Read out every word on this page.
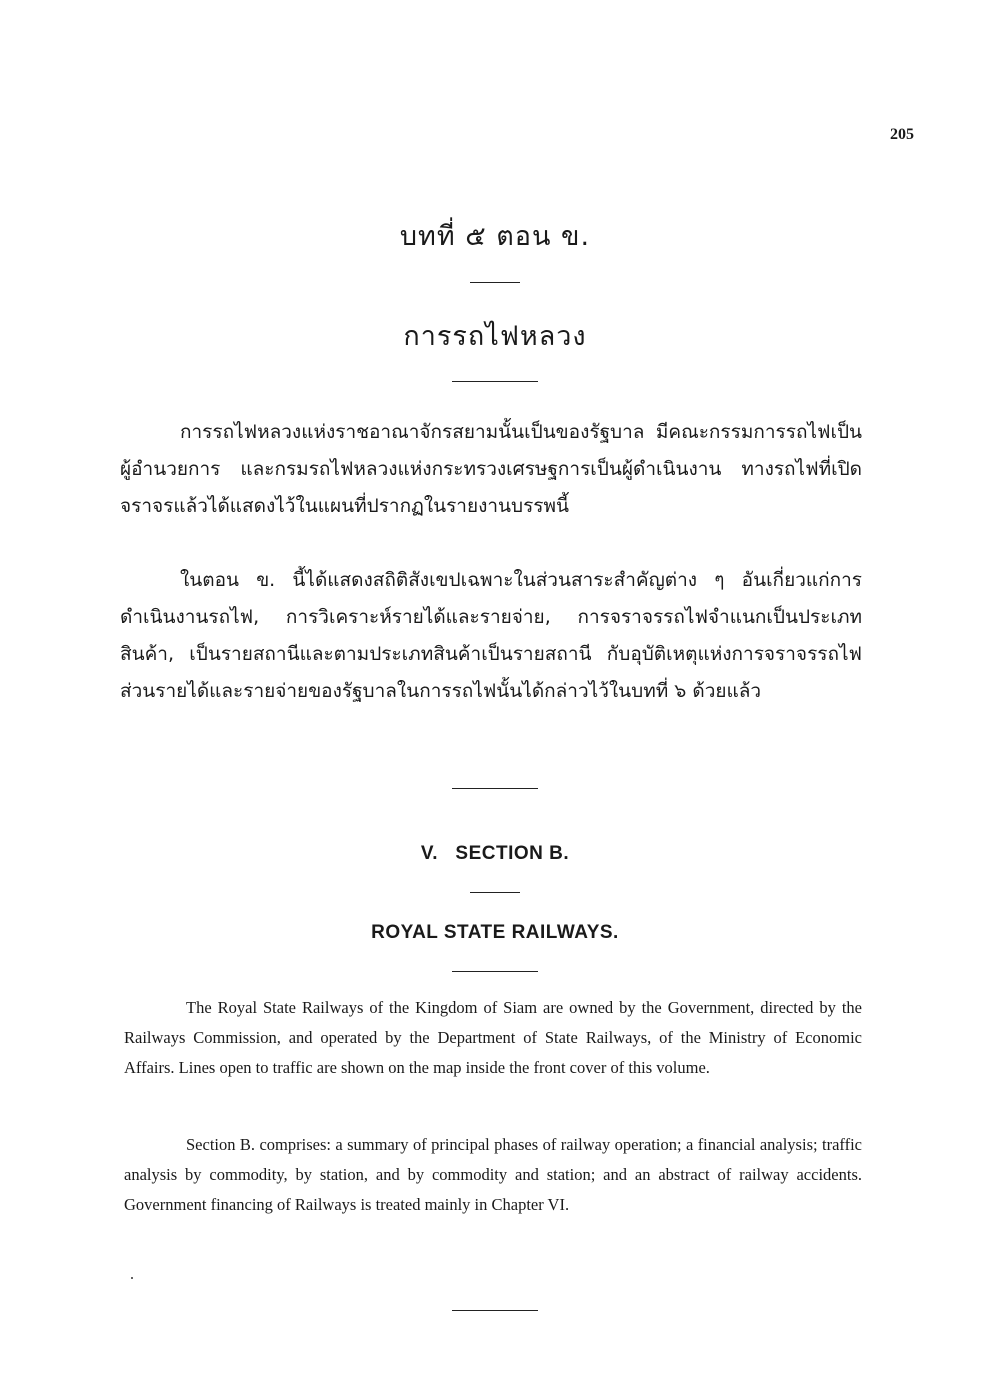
205
บทที่ ๕ ตอน ข.
การรถไฟหลวง

การรถไฟหลวงแห่งราชอาณาจักรสยามนั้นเป็นของรัฐบาล มีคณะกรรมการรถไฟเป็นผู้อำนวยการ และกรมรถไฟหลวงแห่งกระทรวงเศรษฐการเป็นผู้ดำเนินงาน ทางรถไฟที่เปิดจราจรแล้วได้แสดงไว้ในแผนที่ปรากฏในรายงานบรรพนี้

ในตอน ข. นี้ได้แสดงสถิติสังเขปเฉพาะในส่วนสาระสำคัญต่าง ๆ อันเกี่ยวแก่การดำเนินงานรถไฟ, การวิเคราะห์รายได้และรายจ่าย, การจราจรรถไฟจำแนกเป็นประเภทสินค้า, เป็นรายสถานีและตามประเภทสินค้าเป็นรายสถานี กับอุบัติเหตุแห่งการจราจรรถไฟ ส่วนรายได้และรายจ่ายของรัฐบาลในการรถไฟนั้นได้กล่าวไว้ในบทที่ ๖ ด้วยแล้ว

V.   SECTION B.
ROYAL STATE RAILWAYS.

The Royal State Railways of the Kingdom of Siam are owned by the Government, directed by the Railways Commission, and operated by the Department of State Railways, of the Ministry of Economic Affairs. Lines open to traffic are shown on the map inside the front cover of this volume.

Section B. comprises: a summary of principal phases of railway operation; a financial analysis; traffic analysis by commodity, by station, and by commodity and station; and an abstract of railway accidents. Government financing of Railways is treated mainly in Chapter VI.
